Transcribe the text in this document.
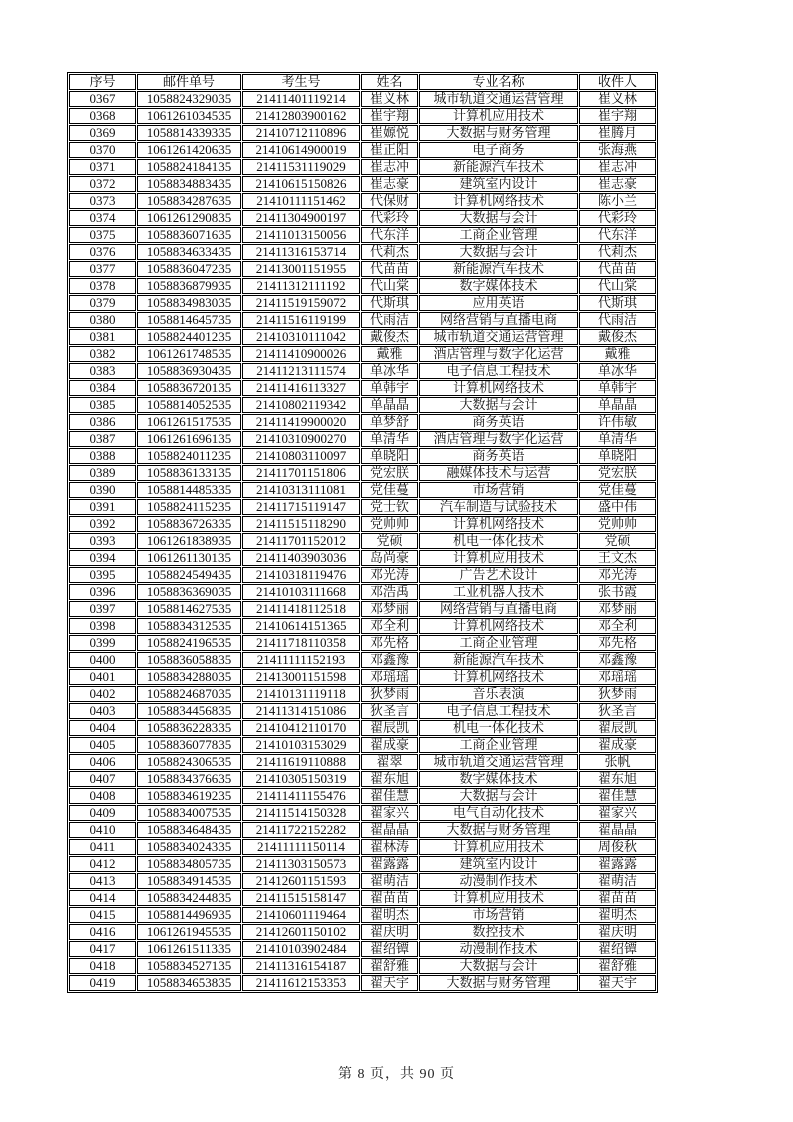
序号	邮件单号	考生号	姓名	专业名称	收件人
0367	1058824329035	21411401119214	崔义林	城市轨道交通运营管理	崔义林
0368	1061261034535	21412803900162	崔宇翔	计算机应用技术	崔宇翔
0369	1058814339335	21410712110896	崔嫄悦	大数据与财务管理	崔腾月
0370	1061261420635	21410614900019	崔正阳	电子商务	张海燕
0371	1058824184135	21411531119029	崔志冲	新能源汽车技术	崔志冲
0372	1058834883435	21410615150826	崔志豪	建筑室内设计	崔志豪
0373	1058834287635	21410111151462	代保财	计算机网络技术	陈小兰
0374	1061261290835	21411304900197	代彩玲	大数据与会计	代彩玲
0375	1058836071635	21411013150056	代东洋	工商企业管理	代东洋
0376	1058834633435	21411316153714	代莉杰	大数据与会计	代莉杰
0377	1058836047235	21413001151955	代苗苗	新能源汽车技术	代苗苗
0378	1058836879935	21411312111192	代山棠	数字媒体技术	代山棠
0379	1058834983035	21411519159072	代斯琪	应用英语	代斯琪
0380	1058814645735	21411516119199	代雨洁	网络营销与直播电商	代雨洁
0381	1058824401235	21410310111042	戴俊杰	城市轨道交通运营管理	戴俊杰
0382	1061261748535	21411410900026	戴雅	酒店管理与数字化运营	戴雅
0383	1058836930435	21411213111574	单冰华	电子信息工程技术	单冰华
0384	1058836720135	21411416113327	单韩宇	计算机网络技术	单韩宇
0385	1058814052535	21410802119342	单晶晶	大数据与会计	单晶晶
0386	1061261517535	21411419900020	单梦舒	商务英语	许伟敏
0387	1061261696135	21410310900270	单清华	酒店管理与数字化运营	单清华
0388	1058824011235	21410803110097	单晓阳	商务英语	单晓阳
0389	1058836133135	21411701151806	党宏朕	融媒体技术与运营	党宏朕
0390	1058814485335	21410313111081	党佳蔓	市场营销	党佳蔓
0391	1058824115235	21411715119147	党士钦	汽车制造与试验技术	盛中伟
0392	1058836726335	21411515118290	党帅帅	计算机网络技术	党帅帅
0393	1061261838935	21411701152012	党硕	机电一体化技术	党硕
0394	1061261130135	21411403903036	岛尚豪	计算机应用技术	王文杰
0395	1058824549435	21410318119476	邓光涛	广告艺术设计	邓光涛
0396	1058836369035	21410103111668	邓浩禹	工业机器人技术	张书霞
0397	1058814627535	21411418112518	邓梦丽	网络营销与直播电商	邓梦丽
0398	1058834312535	21410614151365	邓全利	计算机网络技术	邓全利
0399	1058824196535	21411718110358	邓先格	工商企业管理	邓先格
0400	1058836058835	21411111152193	邓鑫豫	新能源汽车技术	邓鑫豫
0401	1058834288035	21413001151598	邓瑶瑶	计算机网络技术	邓瑶瑶
0402	1058824687035	21410131119118	狄梦雨	音乐表演	狄梦雨
0403	1058834456835	21411314151086	狄圣言	电子信息工程技术	狄圣言
0404	1058836228335	21410412110170	翟辰凯	机电一体化技术	翟辰凯
0405	1058836077835	21410103153029	翟成豪	工商企业管理	翟成豪
0406	1058824306535	21411619110888	翟翠	城市轨道交通运营管理	张帆
0407	1058834376635	21410305150319	翟东旭	数字媒体技术	翟东旭
0408	1058834619235	21411411155476	翟佳慧	大数据与会计	翟佳慧
0409	1058834007535	21411514150328	翟家兴	电气自动化技术	翟家兴
0410	1058834648435	21411722152282	翟晶晶	大数据与财务管理	翟晶晶
0411	1058834024335	21411111150114	翟林涛	计算机应用技术	周俊秋
0412	1058834805735	21411303150573	翟露露	建筑室内设计	翟露露
0413	1058834914535	21412601151593	翟萌洁	动漫制作技术	翟萌洁
0414	1058834244835	21411515158147	翟苗苗	计算机应用技术	翟苗苗
0415	1058814496935	21410601119464	翟明杰	市场营销	翟明杰
0416	1061261945535	21412601150102	翟庆明	数控技术	翟庆明
0417	1061261511335	21410103902484	翟绍镡	动漫制作技术	翟绍镡
0418	1058834527135	21411316154187	翟舒雅	大数据与会计	翟舒雅
0419	1058834653835	21411612153353	翟天宇	大数据与财务管理	翟天宇
第 8 页，共 90 页
